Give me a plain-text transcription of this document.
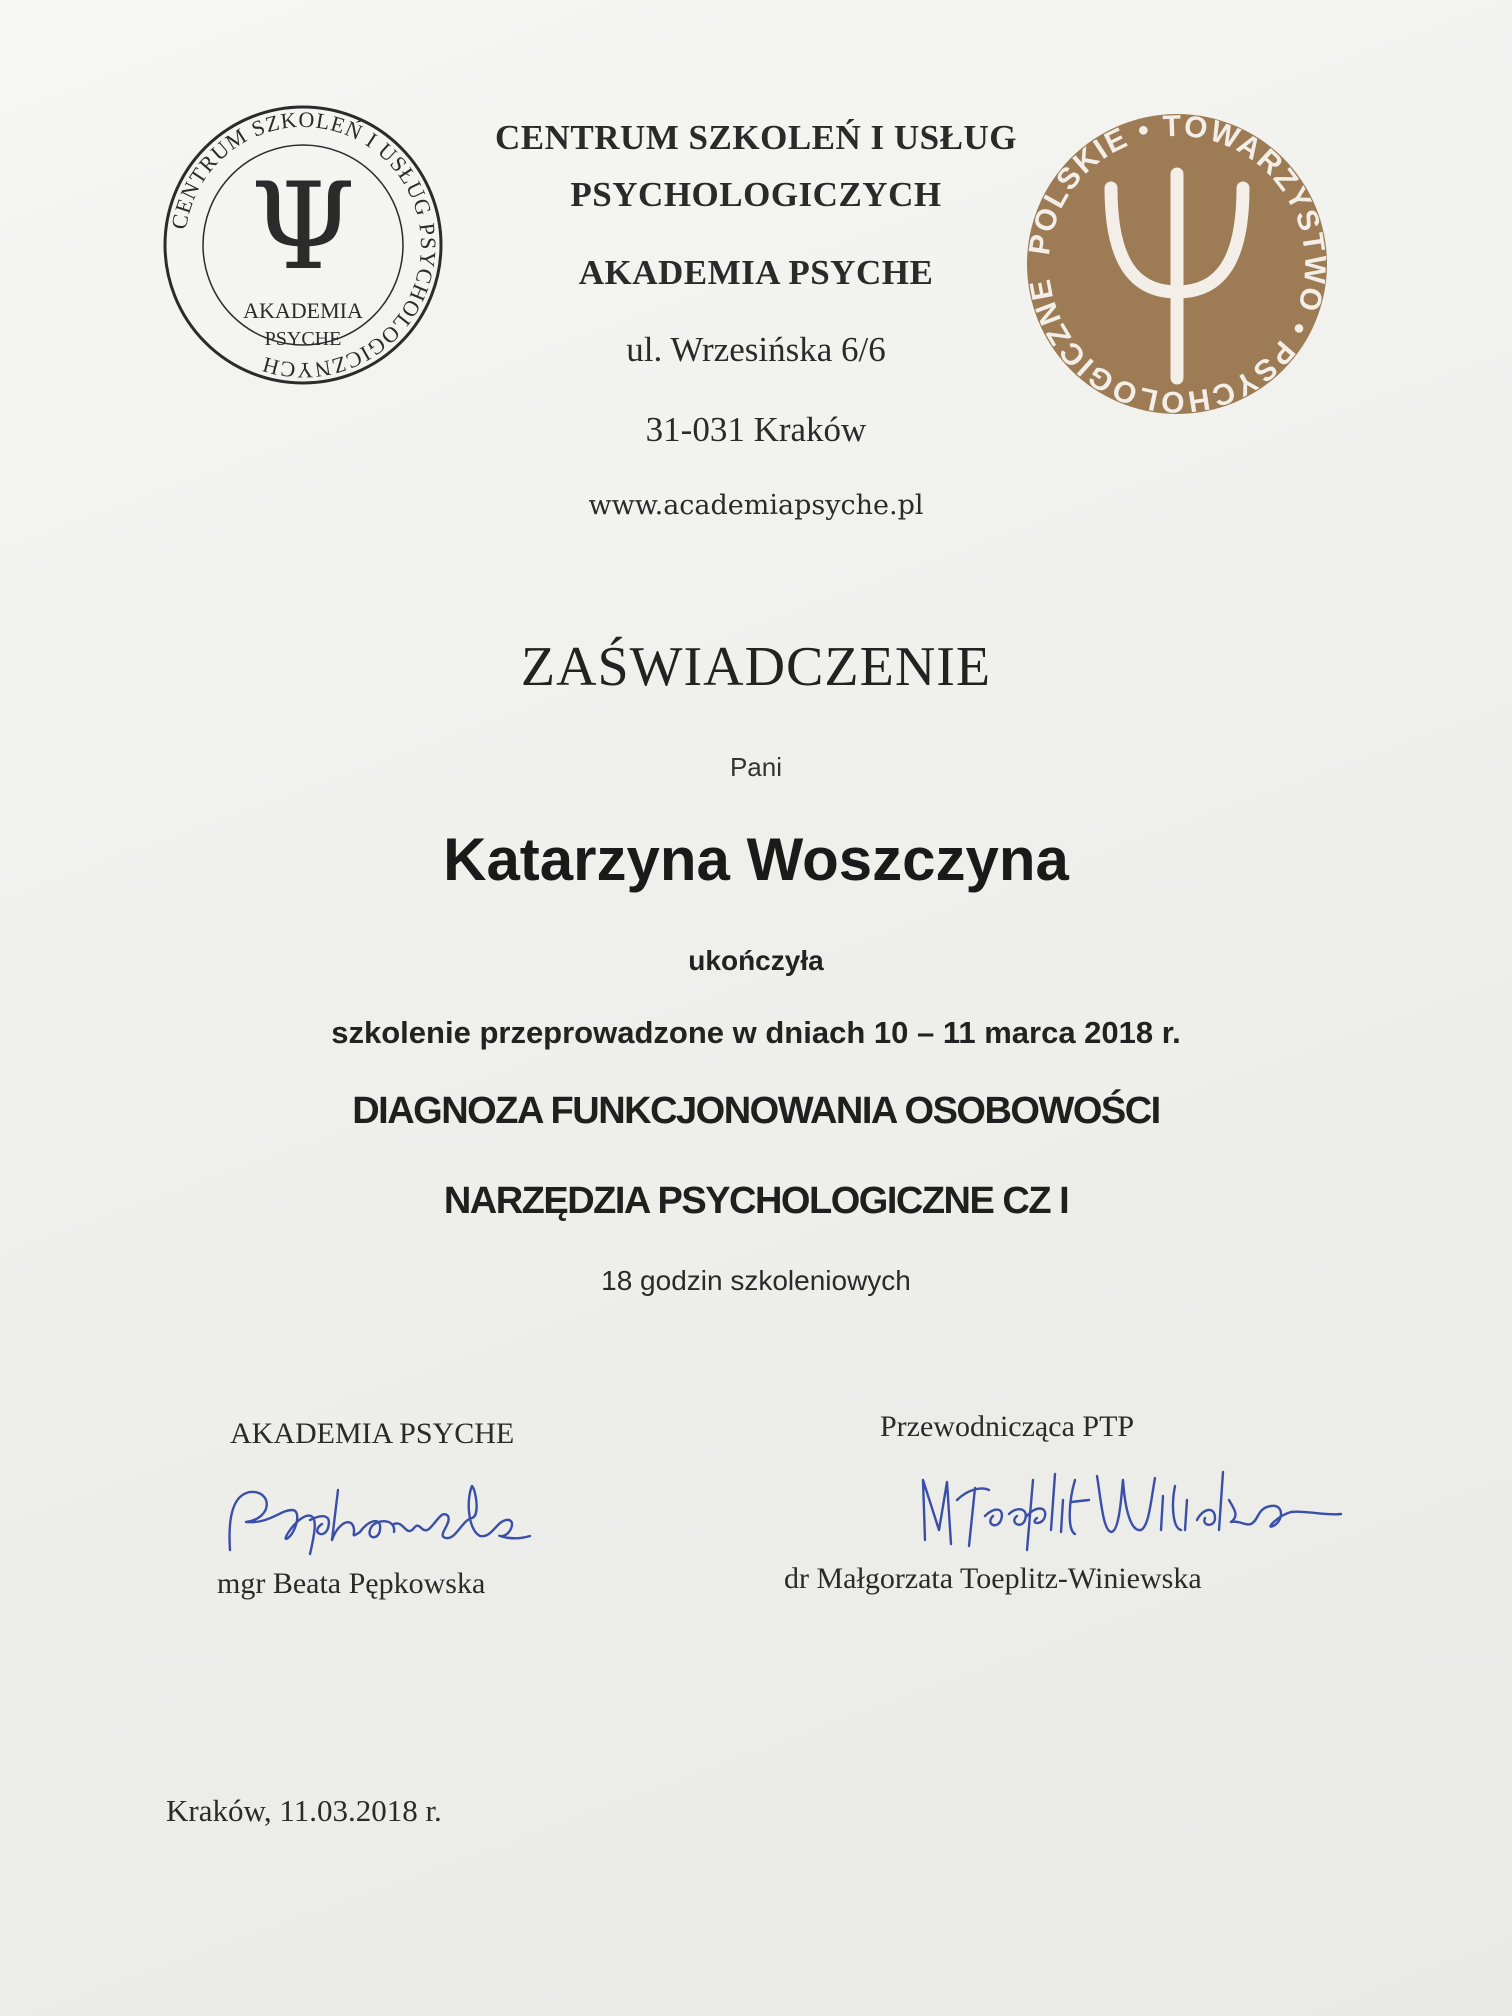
CENTRUM SZKOLEŃ I USŁUG PSYCHOLOGICZNYCH
Ψ
AKADEMIA
PSYCHE
POLSKIE • TOWARZYSTWO • PSYCHOLOGICZNE
CENTRUM SZKOLEŃ I USŁUG
PSYCHOLOGICZYCH
AKADEMIA PSYCHE
ul. Wrzesińska 6/6
31-031 Kraków
www.academiapsyche.pl
ZAŚWIADCZENIE
Pani
Katarzyna Woszczyna
ukończyła
szkolenie przeprowadzone w dniach 10 – 11 marca 2018 r.
DIAGNOZA FUNKCJONOWANIA OSOBOWOŚCI
NARZĘDZIA PSYCHOLOGICZNE CZ I
18 godzin szkoleniowych
AKADEMIA PSYCHE
mgr Beata Pępkowska
Przewodnicząca PTP
dr Małgorzata Toeplitz-Winiewska
Kraków, 11.03.2018 r.
